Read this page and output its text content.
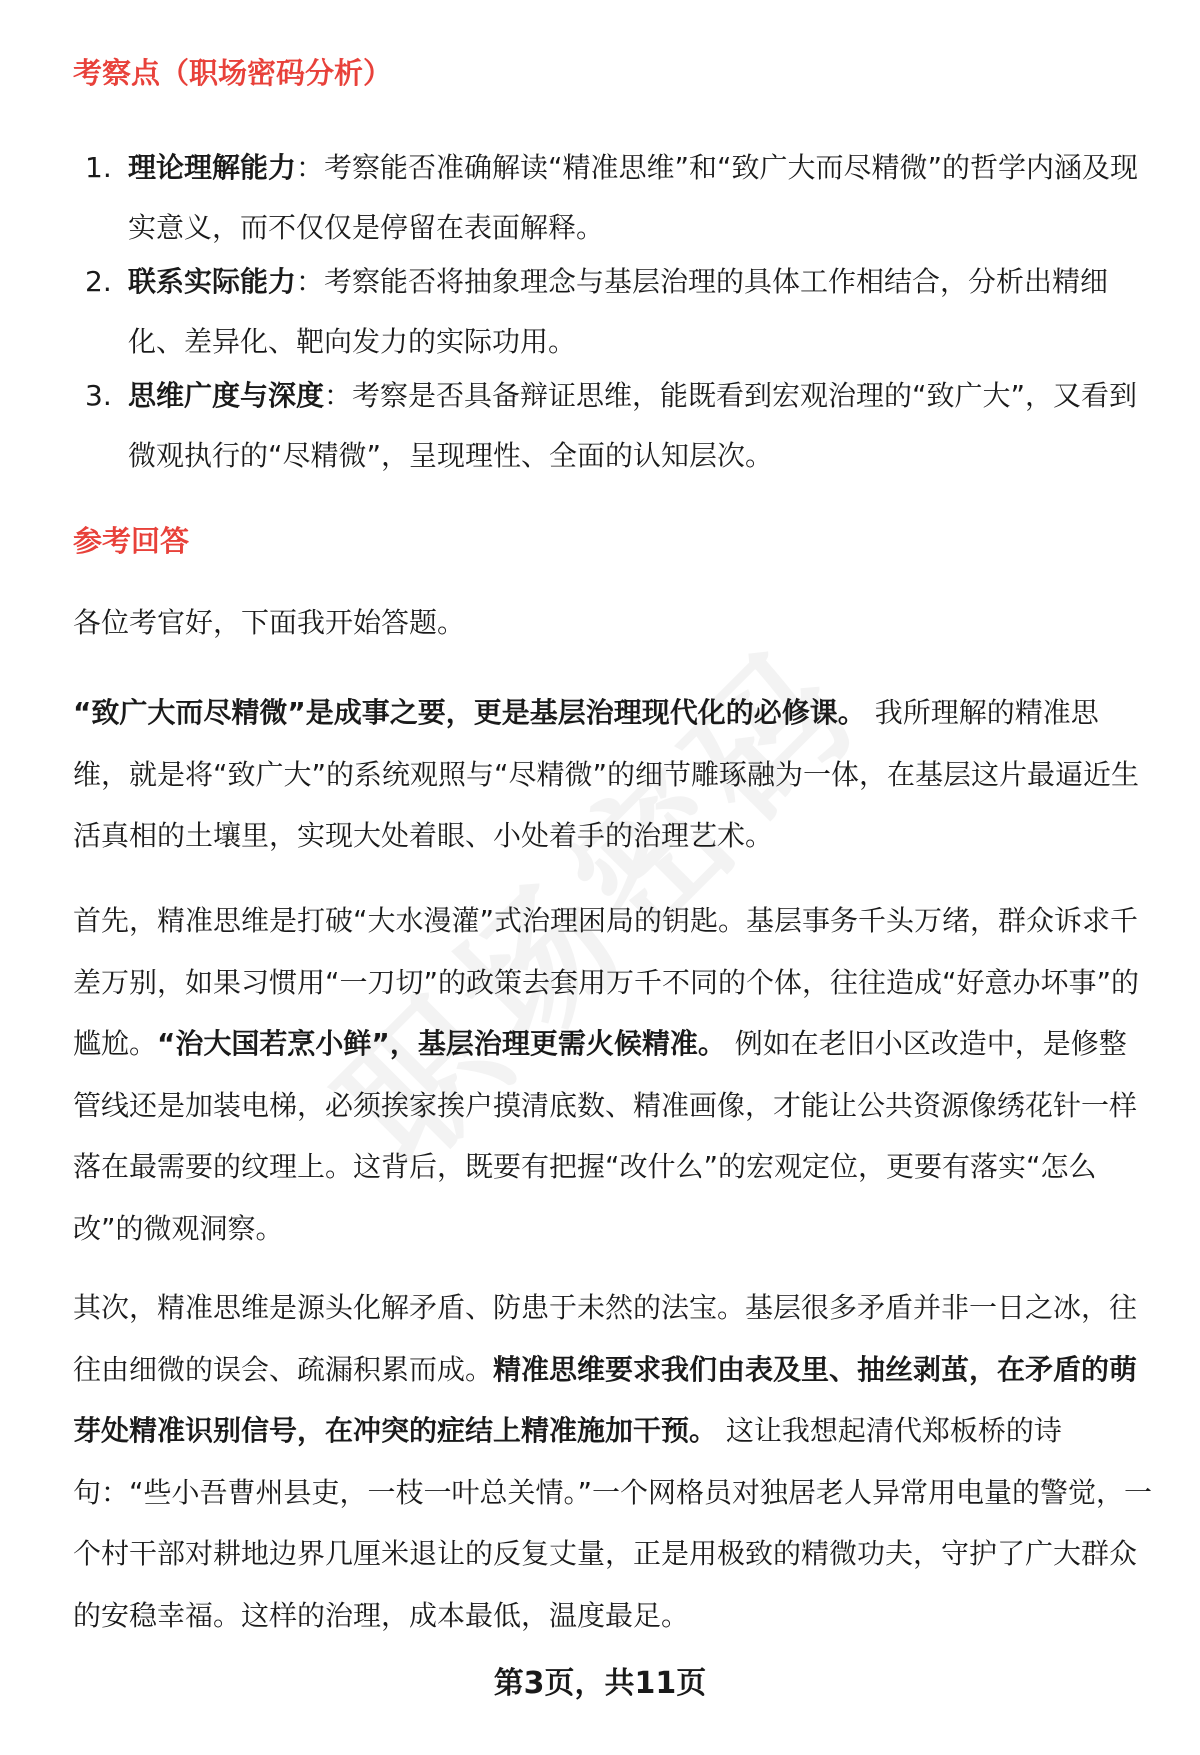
考察点（职场密码分析）
1. 理论理解能力：考察能否准确解读“精准思维”和“致广大而尽精微”的哲学内涵及现实意义，而不仅仅是停留在表面解释。
2. 联系实际能力：考察能否将抽象理念与基层治理的具体工作相结合，分析出精细化、差异化、靶向发力的实际功用。
3. 思维广度与深度：考察是否具备辩证思维，能既看到宏观治理的“致广大”，又看到微观执行的“尽精微”，呈现理性、全面的认知层次。
参考回答

各位考官好，下面我开始答题。

“致广大而尽精微”是成事之要，更是基层治理现代化的必修课。 我所理解的精准思维，就是将“致广大”的系统观照与“尽精微”的细节雕琢融为一体，在基层这片最逼近生活真相的土壤里，实现大处着眼、小处着手的治理艺术。

首先，精准思维是打破“大水漫灌”式治理困局的钥匙。基层事务千头万绪，群众诉求千差万别，如果习惯用“一刀切”的政策去套用万千不同的个体，往往造成“好意办坏事”的尴尬。“治大国若烹小鲜”，基层治理更需火候精准。 例如在老旧小区改造中，是修整管线还是加装电梯，必须挨家挨户摸清底数、精准画像，才能让公共资源像绣花针一样落在最需要的纹理上。这背后，既要有把握“改什么”的宏观定位，更要有落实“怎么改”的微观洞察。

其次，精准思维是源头化解矛盾、防患于未然的法宝。基层很多矛盾并非一日之冰，往往由细微的误会、疏漏积累而成。精准思维要求我们由表及里、抽丝剥茧，在矛盾的萌芽处精准识别信号，在冲突的症结上精准施加干预。 这让我想起清代郑板桥的诗句：“些小吾曹州县吏，一枝一叶总关情。”一个网格员对独居老人异常用电量的警觉，一个村干部对耕地边界几厘米退让的反复丈量，正是用极致的精微功夫，守护了广大群众的安稳幸福。这样的治理，成本最低，温度最足。

第3页，共11页
